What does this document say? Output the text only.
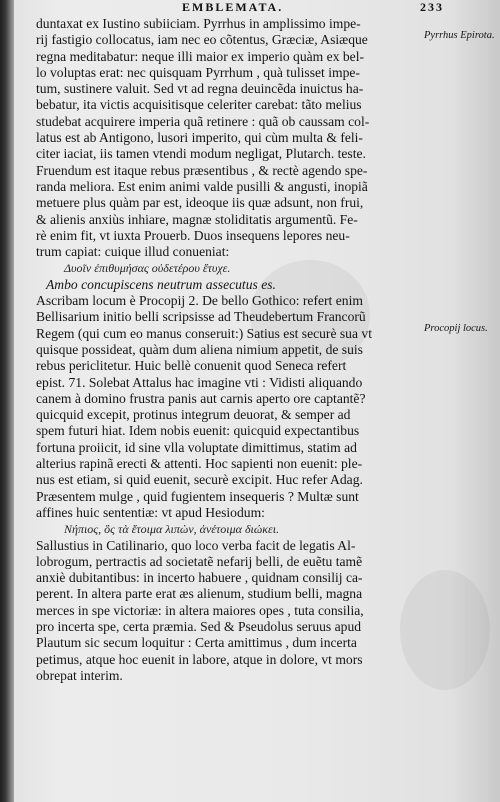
EMBLEMATA.	233
Pyrrhus Epirota.
Procopij locus.
duntaxat ex Iustino subiiciam. Pyrrhus in amplissimo impe-
rij fastigio collocatus, iam nec eo cõtentus, Græciæ, Asiæque
regna meditabatur: neque illi maior ex imperio quàm ex bel-
lo voluptas erat: nec quisquam Pyrrhum , quà tulisset impe-
tum, sustinere valuit. Sed vt ad regna deuincẽda inuictus ha-
bebatur, ita victis acquisitisque celeriter carebat: tãto melius
studebat acquirere imperia quã retinere : quã ob caussam col-
latus est ab Antigono, lusori imperito, qui cùm multa & feli-
citer iaciat, iis tamen vtendi modum negligat, Plutarch. teste.
Fruendum est itaque rebus præsentibus , & rectè agendo spe-
randa meliora. Est enim animi valde pusilli & angusti, inopiã
metuere plus quàm par est, ideoque iis quæ adsunt, non frui,
& alienis anxiùs inhiare, magnæ stoliditatis argumentũ. Fe-
rè enim fit, vt iuxta Prouerb. Duos insequens lepores neu-
trum capiat: cuique illud conueniat:
Δυοῖν ἐπιθυμήσας οὐδετέρου ἔτυχε.
Ambo concupiscens neutrum assecutus es.
Ascribam locum è Procopij 2. De bello Gothico: refert enim
Bellisarium initio belli scripsisse ad Theudebertum Francorũ
Regem (qui cum eo manus conseruit:) Satius est securè sua vt
quisque possideat, quàm dum aliena nimium appetit, de suis
rebus periclitetur. Huic bellè conuenit quod Seneca refert
epist. 71. Solebat Attalus hac imagine vti : Vidisti aliquando
canem à domino frustra panis aut carnis aperto ore captantẽ?
quicquid excepit, protinus integrum deuorat, & semper ad
spem futuri hiat. Idem nobis euenit: quicquid expectantibus
fortuna proiicit, id sine vlla voluptate dimittimus, statim ad
alterius rapinã erecti & attenti. Hoc sapienti non euenit: ple-
nus est etiam, si quid euenit, securè excipit. Huc refer Adag.
Præsentem mulge , quid fugientem insequeris ? Multæ sunt
affines huic sententiæ: vt apud Hesiodum:
Νήπιος, ὃς τὰ ἕτοιμα λιπὼν, ἀνέτοιμα διώκει.
Sallustius in Catilinario, quo loco verba facit de legatis Al-
lobrogum, pertractis ad societatẽ nefarij belli, de euẽtu tamẽ
anxiè dubitantibus: in incerto habuere , quidnam consilij ca-
perent. In altera parte erat æs alienum, studium belli, magna
merces in spe victoriæ: in altera maiores opes , tuta consilia,
pro incerta spe, certa præmia. Sed & Pseudolus seruus apud
Plautum sic secum loquitur : Certa amittimus , dum incerta
petimus, atque hoc euenit in labore, atque in dolore, vt mors
obrepat interim.
